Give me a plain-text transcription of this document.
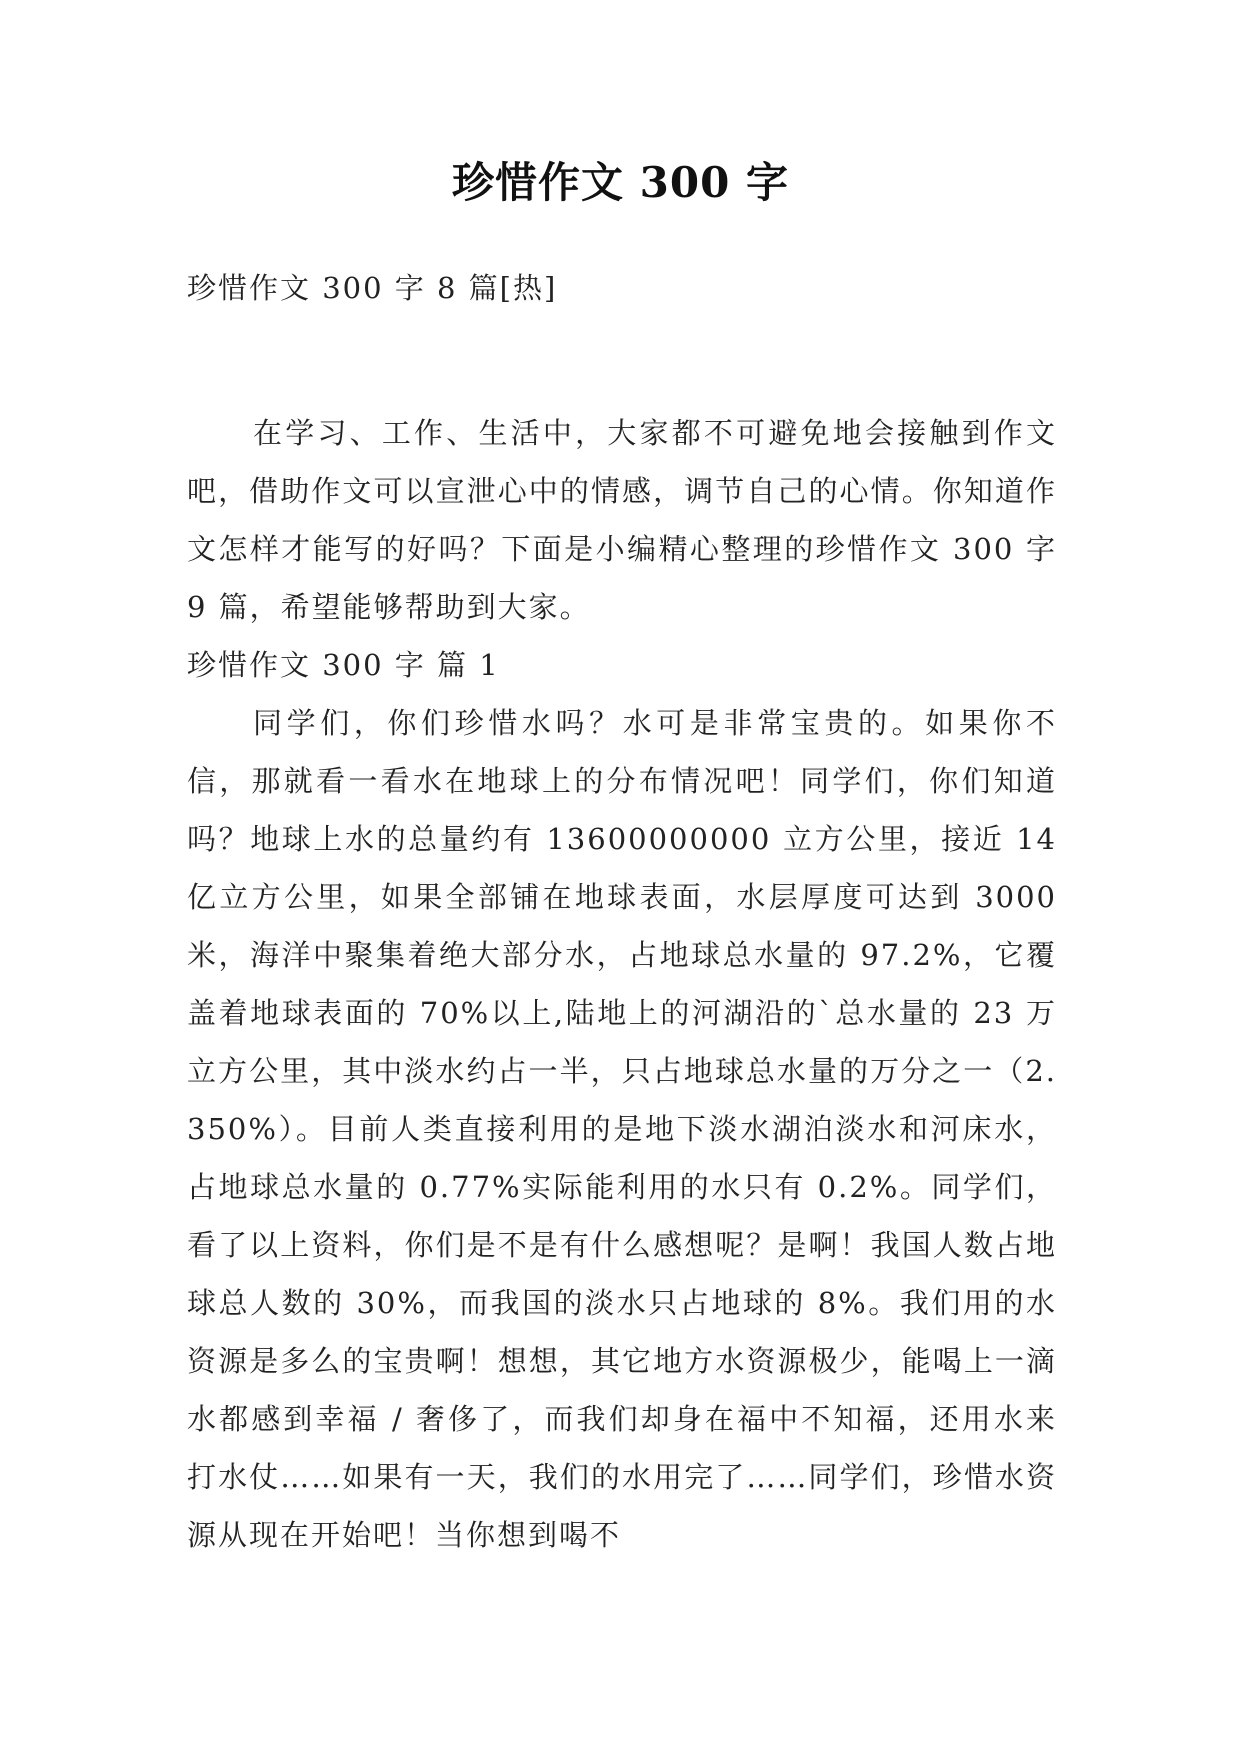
珍惜作文 300 字
珍惜作文 300 字 8 篇[热]

在学习、工作、生活中，大家都不可避免地会接触到作文吧，借助作文可以宣泄心中的情感，调节自己的心情。你知道作文怎样才能写的好吗？下面是小编精心整理的珍惜作文 300 字 9 篇，希望能够帮助到大家。

珍惜作文 300 字 篇 1

同学们，你们珍惜水吗？水可是非常宝贵的。如果你不信，那就看一看水在地球上的分布情况吧！同学们，你们知道吗？地球上水的总量约有 13600000000 立方公里，接近 14 亿立方公里，如果全部铺在地球表面，水层厚度可达到 3000 米，海洋中聚集着绝大部分水，占地球总水量的 97.2%，它覆盖着地球表面的 70%以上,陆地上的河湖沿的`总水量的 23 万立方公里，其中淡水约占一半，只占地球总水量的万分之一（2.350%）。目前人类直接利用的是地下淡水湖泊淡水和河床水，占地球总水量的 0.77%实际能利用的水只有 0.2%。同学们，看了以上资料，你们是不是有什么感想呢？是啊！我国人数占地球总人数的 30%，而我国的淡水只占地球的 8%。我们用的水资源是多么的宝贵啊！想想，其它地方水资源极少，能喝上一滴水都感到幸福 / 奢侈了，而我们却身在福中不知福，还用水来打水仗……如果有一天，我们的水用完了……同学们，珍惜水资源从现在开始吧！当你想到喝不
